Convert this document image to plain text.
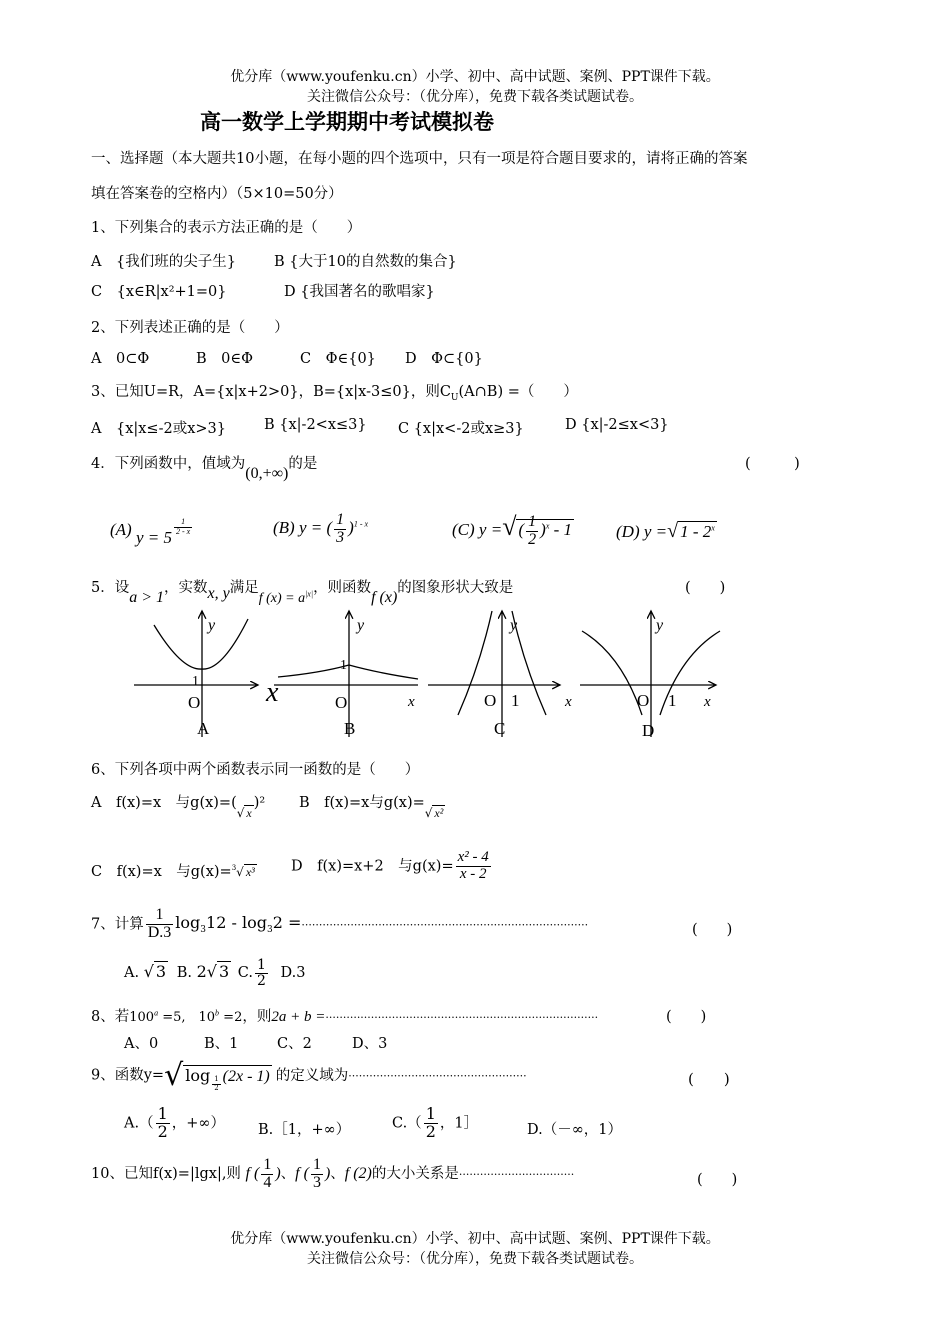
优分库（www.youfenku.cn）小学、初中、高中试题、案例、PPT课件下载。
关注微信公众号：（优分库），免费下载各类试题试卷。
高一数学上学期期中考试模拟卷
一、选择题（本大题共10小题，在每小题的四个选项中，只有一项是符合题目要求的，请将正确的答案
填在答案卷的空格内）（5×10=50分）
1、下列集合的表示方法正确的是（　　）
A　{我们班的尖子生}	B {大于10的自然数的集合}
C　{x∈R|x²+1=0}	D {我国著名的歌唱家}
2、下列表述正确的是（　　）
A　0⊂Φ	B　0∈Φ	C　Φ∈{0} D　Φ⊂{0}
3、已知U=R，A={x|x+2>0}，B={x|x-3≤0}，则$C_U(A\cap B)$ =（　　）
A　{x|x≤-2或x>3}	B {x|-2<x≤3} C {x|x<-2或x≥3}	D {x|-2≤x<3}
4．下列函数中，值域为(0,+∞)的是	(　　　)
(A) y = 5
$\frac{1}{2 - x}$	(B) y = ( $\frac{1}{3} )^{1 - x}$	(C) y =√ ( $\frac{1}{2} )^x - 1$	(D) y =√ 1 - 2$^x$
5．设a > 1，实数x, y满足f $(x) = a^{|x|}$，则函数f (x)的图象形状大致是	(　　)
y
1
O
A
x
y
1
O	x
B
y
O 1	x
C
y
O 1 x
D
6、下列各项中两个函数表示同一函数的是（　　）
A　f(x)=x　与$g(x)=(_{√ x})^2$ B　f(x)=x与$g(x)=_{√ x^2}$
C　f(x)=x　与g(x)=$^3$√ x³ D　f(x)=x+2　与$g(x)= \frac{\text{x² - 4}}{x - 2}$
7、计算 $\frac{1}{D.3} \log_312 - \log_32$ =··················································································	(　　)
A. √ 3 B. 2√ 3 C. $\frac{1}{2} D.3$
8、若$100^a =5$,　$10^b =2$，则2a + b =··············································································	(　　)
A、0	B、1	C、2	D、3
9、函数y=√ $\log \frac{1}{2} (2x - 1)$ 的定义域为···················································	(　　)
$A.( \frac{1}{2}$ ，+∞） B.［1，+∞）	$C.( \frac{1}{2}$ ，1］	D.（－∞，1）
10、已知f(x)=|lgx|,则 f ( $\frac{1}{4}$ )、f ( $\frac{1}{3}$ )、f (2)的大小关系是·································	(　　)
优分库（www.youfenku.cn）小学、初中、高中试题、案例、PPT课件下载。
关注微信公众号：（优分库），免费下载各类试题试卷。
